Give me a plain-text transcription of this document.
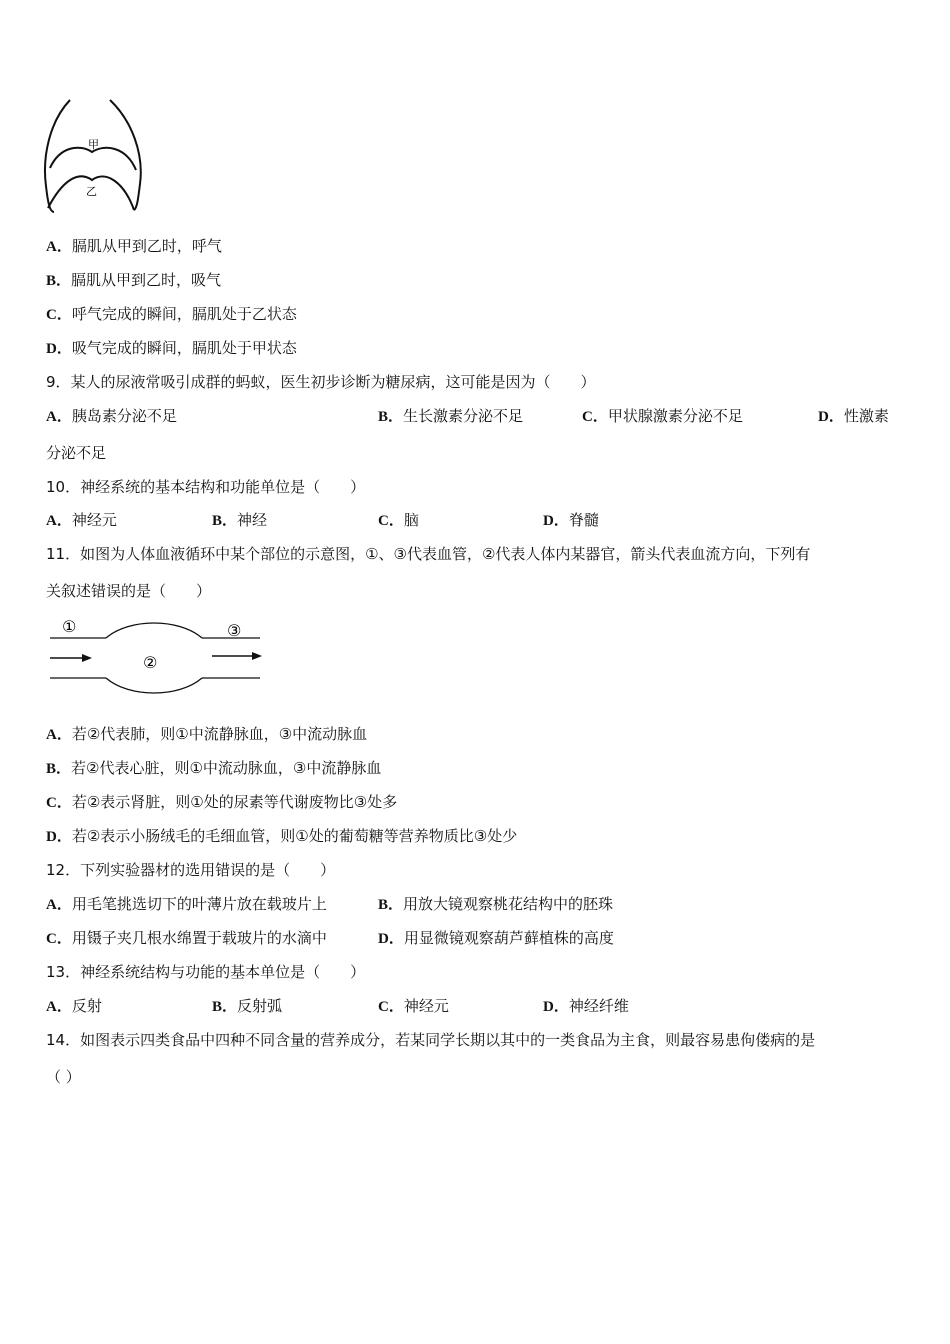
甲
乙
A．膈肌从甲到乙时，呼气
B．膈肌从甲到乙时，吸气
C．呼气完成的瞬间，膈肌处于乙状态
D．吸气完成的瞬间，膈肌处于甲状态
9．某人的尿液常吸引成群的蚂蚁，医生初步诊断为糖尿病，这可能是因为（　　）
A．胰岛素分泌不足	B．生长激素分泌不足	C．甲状腺激素分泌不足	D．性激素
分泌不足
10．神经系统的基本结构和功能单位是（　　）
A．神经元	B．神经	C．脑	D．脊髓
11．如图为人体血液循环中某个部位的示意图，①、③代表血管，②代表人体内某器官，箭头代表血流方向，下列有
关叙述错误的是（　　）
①
②
③
A．若②代表肺，则①中流静脉血，③中流动脉血
B．若②代表心脏，则①中流动脉血，③中流静脉血
C．若②表示肾脏，则①处的尿素等代谢废物比③处多
D．若②表示小肠绒毛的毛细血管，则①处的葡萄糖等营养物质比③处少
12．下列实验器材的选用错误的是（　　）
A．用毛笔挑选切下的叶薄片放在载玻片上	B．用放大镜观察桃花结构中的胚珠
C．用镊子夹几根水绵置于载玻片的水滴中	D．用显微镜观察葫芦藓植株的高度
13．神经系统结构与功能的基本单位是（　　）
A．反射	B．反射弧	C．神经元	D．神经纤维
14．如图表示四类食品中四种不同含量的营养成分，若某同学长期以其中的一类食品为主食，则最容易患佝偻病的是
（ ）
